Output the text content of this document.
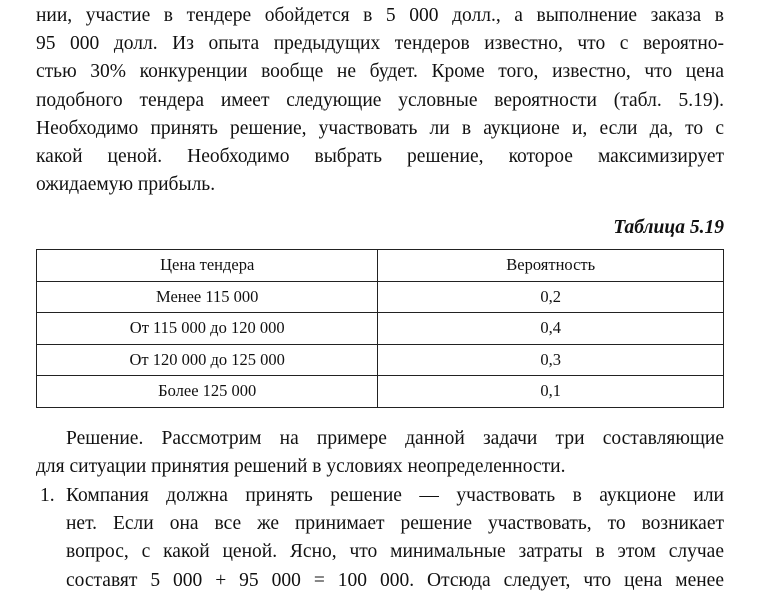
нии, участие в тендере обойдется в 5 000 долл., а выполнение заказа в
95 000 долл. Из опыта предыдущих тендеров известно, что с вероятно-
стью 30% конкуренции вообще не будет. Кроме того, известно, что цена
подобного тендера имеет следующие условные вероятности (табл. 5.19).
Необходимо принять решение, участвовать ли в аукционе и, если да, то с
какой ценой. Необходимо выбрать решение, которое максимизирует
ожидаемую прибыль.
Таблица 5.19
Цена тендера	Вероятность
Менее 115 000	0,2
От 115 000 до 120 000	0,4
От 120 000 до 125 000	0,3
Более 125 000	0,1
Решение. Рассмотрим на примере данной задачи три составляющие
для ситуации принятия решений в условиях неопределенности.
1. Компания должна принять решение — участвовать в аукционе или
нет. Если она все же принимает решение участвовать, то возникает
вопрос, с какой ценой. Ясно, что минимальные затраты в этом случае
составят 5 000 + 95 000 = 100 000. Отсюда следует, что цена менее
